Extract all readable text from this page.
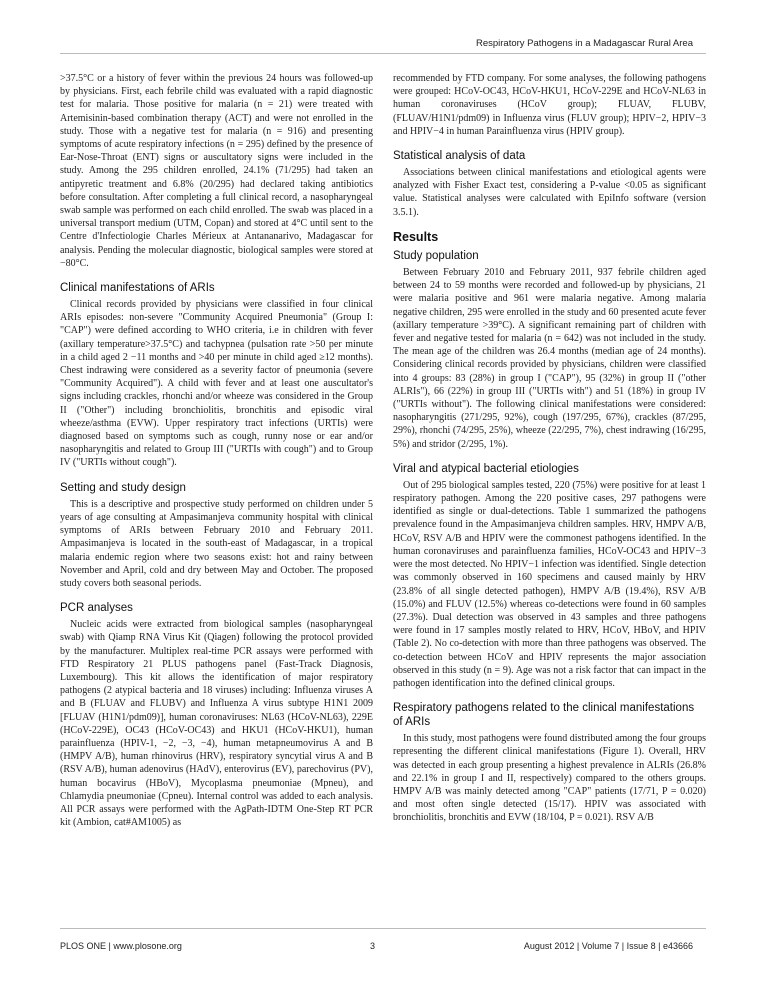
Respiratory Pathogens in a Madagascar Rural Area

>37.5°C or a history of fever within the previous 24 hours was followed-up by physicians. First, each febrile child was evaluated with a rapid diagnostic test for malaria. Those positive for malaria (n = 21) were treated with Artemisinin-based combination therapy (ACT) and were not enrolled in the study. Those with a negative test for malaria (n = 916) and presenting symptoms of acute respiratory infections (n = 295) defined by the presence of Ear-Nose-Throat (ENT) signs or auscultatory signs were included in the study. Among the 295 children enrolled, 24.1% (71/295) had taken an antipyretic treatment and 6.8% (20/295) had declared taking antibiotics before consultation. After completing a full clinical record, a nasopharyngeal swab sample was performed on each child enrolled. The swab was placed in a universal transport medium (UTM, Copan) and stored at 4°C until sent to the Centre d'Infectiologie Charles Mérieux at Antananarivo, Madagascar for analysis. Pending the molecular diagnostic, biological samples were stored at −80°C.

Clinical manifestations of ARIs

Clinical records provided by physicians were classified in four clinical ARIs episodes: non-severe "Community Acquired Pneumonia" (Group I: "CAP") were defined according to WHO criteria, i.e in children with fever (axillary temperature>37.5°C) and tachypnea (pulsation rate >50 per minute in a child aged 2 −11 months and >40 per minute in child aged ≥12 months). Chest indrawing were considered as a severity factor of pneumonia (severe "Community Acquired"). A child with fever and at least one auscultator's signs including crackles, rhonchi and/or wheeze was considered in the Group II ("Other") including bronchiolitis, bronchitis and episodic viral wheeze/asthma (EVW). Upper respiratory tract infections (URTIs) were diagnosed based on symptoms such as cough, runny nose or ear and/or nasopharyngitis and related to Group III ("URTIs with cough") and to Group IV ("URTIs without cough").

Setting and study design

This is a descriptive and prospective study performed on children under 5 years of age consulting at Ampasimanjeva community hospital with clinical symptoms of ARIs between February 2010 and February 2011. Ampasimanjeva is located in the south-east of Madagascar, in a tropical malaria endemic region where two seasons exist: hot and rainy between November and April, cold and dry between May and October. The proposed study covers both seasonal periods.

PCR analyses

Nucleic acids were extracted from biological samples (nasopharyngeal swab) with Qiamp RNA Virus Kit (Qiagen) following the protocol provided by the manufacturer. Multiplex real-time PCR assays were performed with FTD Respiratory 21 PLUS pathogens panel (Fast-Track Diagnosis, Luxembourg). This kit allows the identification of major respiratory pathogens (2 atypical bacteria and 18 viruses) including: Influenza viruses A and B (FLUAV and FLUBV) and Influenza A virus subtype H1N1 2009 [FLUAV (H1N1/pdm09)], human coronaviruses: NL63 (HCoV-NL63), 229E (HCoV-229E), OC43 (HCoV-OC43) and HKU1 (HCoV-HKU1), human parainfluenza (HPIV-1, −2, −3, −4), human metapneumovirus A and B (HMPV A/B), human rhinovirus (HRV), respiratory syncytial virus A and B (RSV A/B), human adenovirus (HAdV), enterovirus (EV), parechovirus (PV), human bocavirus (HBoV), Mycoplasma pneumoniae (Mpneu), and Chlamydia pneumoniae (Cpneu). Internal control was added to each analysis. All PCR assays were performed with the AgPath-IDTM One-Step RT PCR kit (Ambion, cat#AM1005) as

recommended by FTD company. For some analyses, the following pathogens were grouped: HCoV-OC43, HCoV-HKU1, HCoV-229E and HCoV-NL63 in human coronaviruses (HCoV group); FLUAV, FLUBV, (FLUAV/H1N1/pdm09) in Influenza virus (FLUV group); HPIV−2, HPIV−3 and HPIV−4 in human Parainfluenza virus (HPIV group).

Statistical analysis of data

Associations between clinical manifestations and etiological agents were analyzed with Fisher Exact test, considering a P-value <0.05 as significant value. Statistical analyses were calculated with EpiInfo software (version 3.5.1).

Results
Study population

Between February 2010 and February 2011, 937 febrile children aged between 24 to 59 months were recorded and followed-up by physicians, 21 were malaria positive and 961 were malaria negative. Among malaria negative children, 295 were enrolled in the study and 60 presented acute fever (axillary temperature >39°C). A significant remaining part of children with fever and negative tested for malaria (n = 642) was not included in the study. The mean age of the children was 26.4 months (median age of 24 months). Considering clinical records provided by physicians, children were classified into 4 groups: 83 (28%) in group I ("CAP"), 95 (32%) in group II ("other ALRIs"), 66 (22%) in group III ("URTIs with") and 51 (18%) in group IV ("URTIs without"). The following clinical manifestations were considered: nasopharyngitis (271/295, 92%), cough (197/295, 67%), crackles (87/295, 29%), rhonchi (74/295, 25%), wheeze (22/295, 7%), chest indrawing (16/295, 5%) and stridor (2/295, 1%).

Viral and atypical bacterial etiologies

Out of 295 biological samples tested, 220 (75%) were positive for at least 1 respiratory pathogen. Among the 220 positive cases, 297 pathogens were identified as single or dual-detections. Table 1 summarized the pathogens prevalence found in the Ampasimanjeva children samples. HRV, HMPV A/B, HCoV, RSV A/B and HPIV were the commonest pathogens identified. In the human coronaviruses and parainfluenza families, HCoV-OC43 and HPIV−3 were the most detected. No HPIV−1 infection was identified. Single detection was commonly observed in 160 specimens and caused mainly by HRV (23.8% of all single detected pathogen), HMPV A/B (19.4%), RSV A/B (15.0%) and FLUV (12.5%) whereas co-detections were found in 60 samples (27.3%). Dual detection was observed in 43 samples and three pathogens were found in 17 samples mostly related to HRV, HCoV, HBoV, and HPIV (Table 2). No co-detection with more than three pathogens was observed. The co-detection between HCoV and HPIV represents the major association observed in this study (n = 9). Age was not a risk factor that can impact in the pathogen identification into the defined clinical groups.

Respiratory pathogens related to the clinical manifestations of ARIs

In this study, most pathogens were found distributed among the four groups representing the different clinical manifestations (Figure 1). Overall, HRV was detected in each group presenting a highest prevalence in ALRIs (26.8% and 22.1% in group I and II, respectively) compared to the others groups. HMPV A/B was mainly detected among "CAP" patients (17/71, P = 0.020) and most often single detected (15/17). HPIV was associated with bronchiolitis, bronchitis and EVW (18/104, P = 0.021). RSV A/B

PLOS ONE | www.plosone.org	3	August 2012 | Volume 7 | Issue 8 | e43666
